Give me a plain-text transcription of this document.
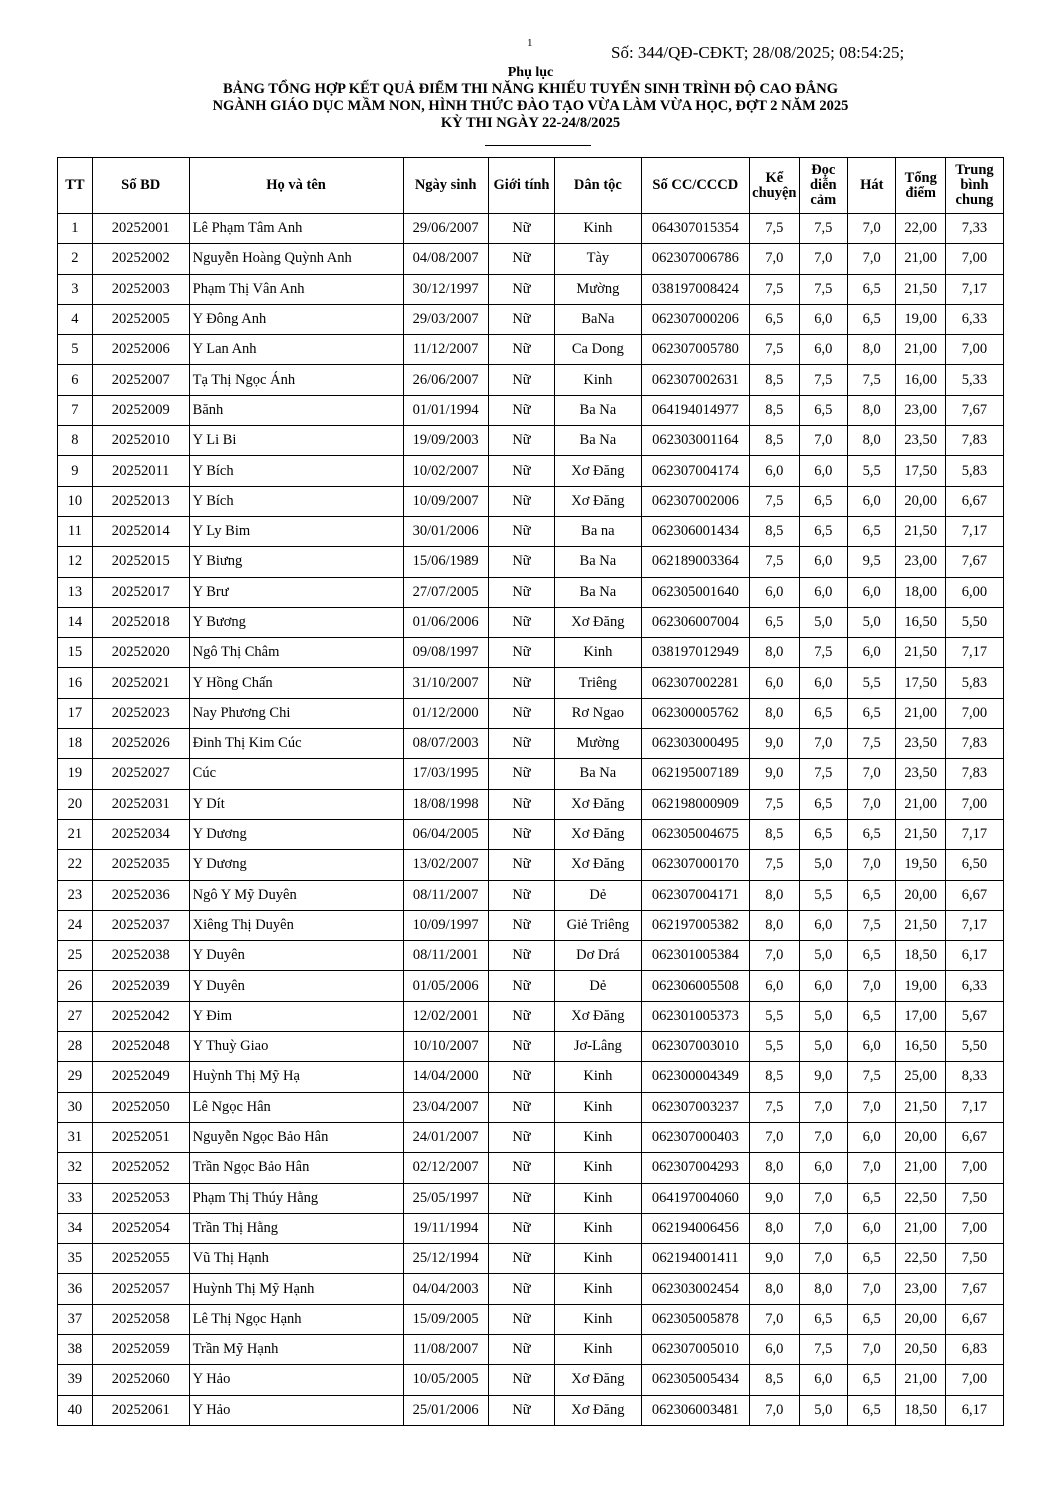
1	Số: 344/QĐ-CĐKT; 28/08/2025; 08:54:25;
Phụ lục
BẢNG TỔNG HỢP KẾT QUẢ ĐIỂM THI NĂNG KHIẾU TUYỂN SINH TRÌNH ĐỘ CAO ĐẲNG
NGÀNH GIÁO DỤC MẦM NON, HÌNH THỨC ĐÀO TẠO VỪA LÀM VỪA HỌC, ĐỢT 2 NĂM 2025
KỲ THI NGÀY 22-24/8/2025
TT	Số BD	Họ và tên	Ngày sinh	Giới tính	Dân tộc	Số CC/CCCD	Kể chuyện	Đọc diễn cảm	Hát	Tổng điểm	Trung bình chung
1	20252001	Lê Phạm Tâm Anh	29/06/2007	Nữ	Kinh	064307015354	7,5	7,5	7,0	22,00	7,33
2	20252002	Nguyễn Hoàng Quỳnh Anh	04/08/2007	Nữ	Tày	062307006786	7,0	7,0	7,0	21,00	7,00
3	20252003	Phạm Thị Vân Anh	30/12/1997	Nữ	Mường	038197008424	7,5	7,5	6,5	21,50	7,17
4	20252005	Y Đông Anh	29/03/2007	Nữ	BaNa	062307000206	6,5	6,0	6,5	19,00	6,33
5	20252006	Y Lan Anh	11/12/2007	Nữ	Ca Dong	062307005780	7,5	6,0	8,0	21,00	7,00
6	20252007	Tạ Thị Ngọc Ánh	26/06/2007	Nữ	Kinh	062307002631	8,5	7,5	7,5	16,00	5,33
7	20252009	Bănh	01/01/1994	Nữ	Ba Na	064194014977	8,5	6,5	8,0	23,00	7,67
8	20252010	Y Li Bi	19/09/2003	Nữ	Ba Na	062303001164	8,5	7,0	8,0	23,50	7,83
9	20252011	Y Bích	10/02/2007	Nữ	Xơ Đăng	062307004174	6,0	6,0	5,5	17,50	5,83
10	20252013	Y Bích	10/09/2007	Nữ	Xơ Đăng	062307002006	7,5	6,5	6,0	20,00	6,67
11	20252014	Y Ly Bim	30/01/2006	Nữ	Ba na	062306001434	8,5	6,5	6,5	21,50	7,17
12	20252015	Y Biưng	15/06/1989	Nữ	Ba Na	062189003364	7,5	6,0	9,5	23,00	7,67
13	20252017	Y Brư	27/07/2005	Nữ	Ba Na	062305001640	6,0	6,0	6,0	18,00	6,00
14	20252018	Y Bương	01/06/2006	Nữ	Xơ Đăng	062306007004	6,5	5,0	5,0	16,50	5,50
15	20252020	Ngô Thị Châm	09/08/1997	Nữ	Kinh	038197012949	8,0	7,5	6,0	21,50	7,17
16	20252021	Y Hồng Chấn	31/10/2007	Nữ	Triêng	062307002281	6,0	6,0	5,5	17,50	5,83
17	20252023	Nay Phương Chi	01/12/2000	Nữ	Rơ Ngao	062300005762	8,0	6,5	6,5	21,00	7,00
18	20252026	Đinh Thị Kim Cúc	08/07/2003	Nữ	Mường	062303000495	9,0	7,0	7,5	23,50	7,83
19	20252027	Cúc	17/03/1995	Nữ	Ba Na	062195007189	9,0	7,5	7,0	23,50	7,83
20	20252031	Y Dít	18/08/1998	Nữ	Xơ Đăng	062198000909	7,5	6,5	7,0	21,00	7,00
21	20252034	Y Dương	06/04/2005	Nữ	Xơ Đăng	062305004675	8,5	6,5	6,5	21,50	7,17
22	20252035	Y Dương	13/02/2007	Nữ	Xơ Đăng	062307000170	7,5	5,0	7,0	19,50	6,50
23	20252036	Ngô Y Mỹ Duyên	08/11/2007	Nữ	Dẻ	062307004171	8,0	5,5	6,5	20,00	6,67
24	20252037	Xiêng Thị Duyên	10/09/1997	Nữ	Giẻ Triêng	062197005382	8,0	6,0	7,5	21,50	7,17
25	20252038	Y Duyên	08/11/2001	Nữ	Dơ Drá	062301005384	7,0	5,0	6,5	18,50	6,17
26	20252039	Y Duyên	01/05/2006	Nữ	Dẻ	062306005508	6,0	6,0	7,0	19,00	6,33
27	20252042	Y Đim	12/02/2001	Nữ	Xơ Đăng	062301005373	5,5	5,0	6,5	17,00	5,67
28	20252048	Y Thuỳ Giao	10/10/2007	Nữ	Jơ-Lâng	062307003010	5,5	5,0	6,0	16,50	5,50
29	20252049	Huỳnh Thị Mỹ Hạ	14/04/2000	Nữ	Kinh	062300004349	8,5	9,0	7,5	25,00	8,33
30	20252050	Lê Ngọc Hân	23/04/2007	Nữ	Kinh	062307003237	7,5	7,0	7,0	21,50	7,17
31	20252051	Nguyễn Ngọc Bảo Hân	24/01/2007	Nữ	Kinh	062307000403	7,0	7,0	6,0	20,00	6,67
32	20252052	Trần Ngọc Bảo Hân	02/12/2007	Nữ	Kinh	062307004293	8,0	6,0	7,0	21,00	7,00
33	20252053	Phạm Thị Thúy Hằng	25/05/1997	Nữ	Kinh	064197004060	9,0	7,0	6,5	22,50	7,50
34	20252054	Trần Thị Hằng	19/11/1994	Nữ	Kinh	062194006456	8,0	7,0	6,0	21,00	7,00
35	20252055	Vũ Thị Hạnh	25/12/1994	Nữ	Kinh	062194001411	9,0	7,0	6,5	22,50	7,50
36	20252057	Huỳnh Thị Mỹ Hạnh	04/04/2003	Nữ	Kinh	062303002454	8,0	8,0	7,0	23,00	7,67
37	20252058	Lê Thị Ngọc Hạnh	15/09/2005	Nữ	Kinh	062305005878	7,0	6,5	6,5	20,00	6,67
38	20252059	Trần Mỹ Hạnh	11/08/2007	Nữ	Kinh	062307005010	6,0	7,5	7,0	20,50	6,83
39	20252060	Y Hảo	10/05/2005	Nữ	Xơ Đăng	062305005434	8,5	6,0	6,5	21,00	7,00
40	20252061	Y Hảo	25/01/2006	Nữ	Xơ Đăng	062306003481	7,0	5,0	6,5	18,50	6,17
